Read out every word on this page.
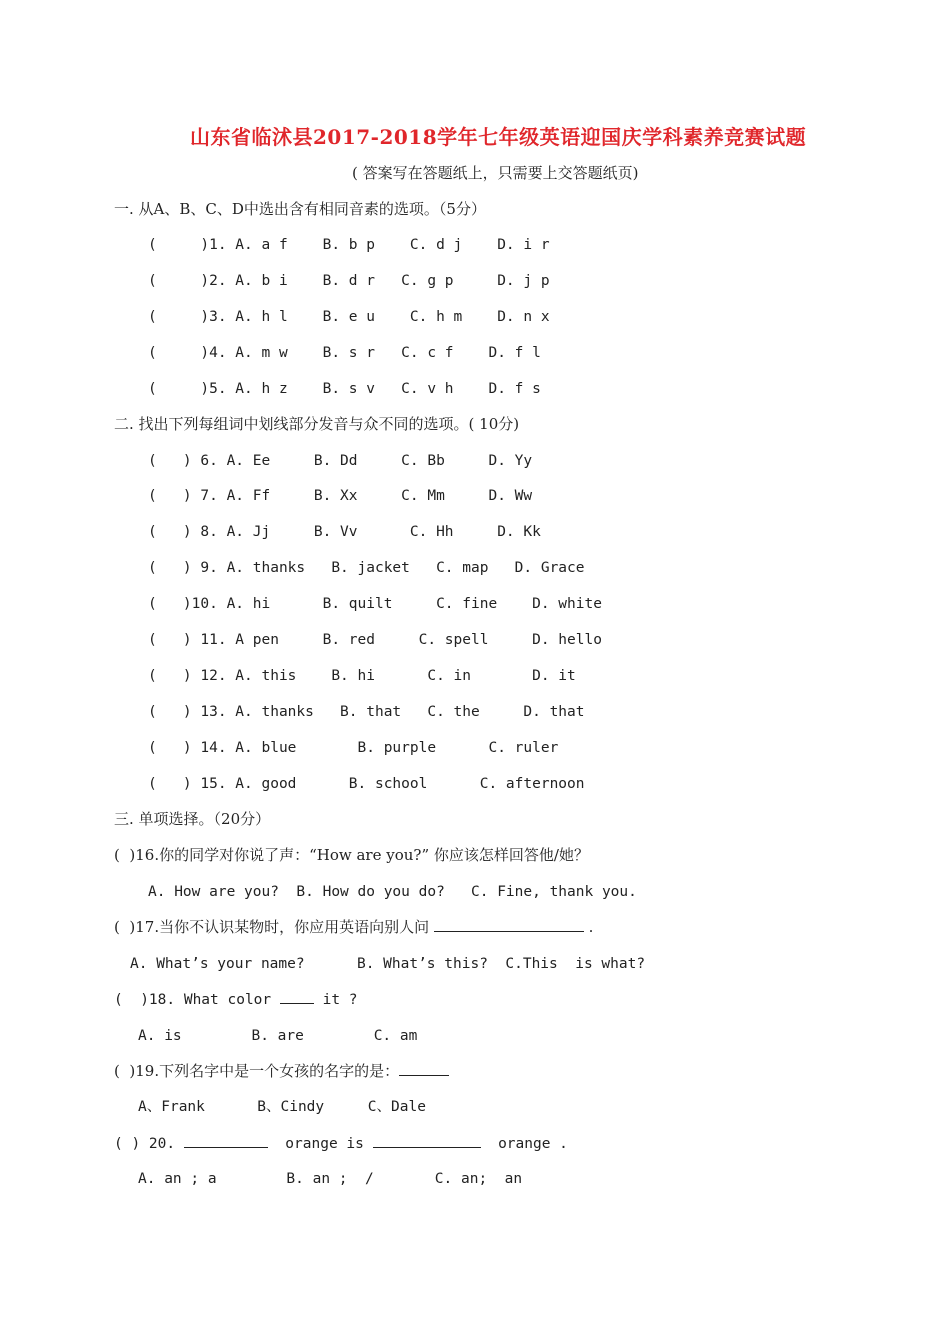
山东省临沭县2017-2018学年七年级英语迎国庆学科素养竞赛试题
( 答案写在答题纸上，只需要上交答题纸页)
一. 从A、B、C、D中选出含有相同音素的选项。（5分）
(     )1. A. a f    B. b p    C. d j    D. i r
(     )2. A. b i    B. d r   C. g p     D. j p
(     )3. A. h l    B. e u    C. h m    D. n x
(     )4. A. m w    B. s r   C. c f    D. f l
(     )5. A. h z    B. s v   C. v h    D. f s
二. 找出下列每组词中划线部分发音与众不同的选项。( 10分)
(   ) 6. A. Ee     B. Dd     C. Bb     D. Yy
(   ) 7. A. Ff     B. Xx     C. Mm     D. Ww
(   ) 8. A. Jj     B. Vv      C. Hh     D. Kk
(   ) 9. A. thanks   B. jacket   C. map   D. Grace
(   )10. A. hi      B. quilt     C. fine    D. white
(   ) 11. A pen     B. red     C. spell     D. hello
(   ) 12. A. this    B. hi      C. in       D. it
(   ) 13. A. thanks   B. that   C. the     D. that
(   ) 14. A. blue       B. purple      C. ruler
(   ) 15. A. good      B. school      C. afternoon
三. 单项选择。（20分）
(  )16.你的同学对你说了声：“How are you?” 你应该怎样回答他/她？
A. How are you?  B. How do you do?   C. Fine, thank you.
(  )17.当你不认识某物时，你应用英语向别人问	.
A. What’s your name?      B. What’s this?  C.This  is what?
(  )18. What color  it ?
A. is        B. are        C. am
(  )19.下列名字中是一个女孩的名字的是：
A、Frank      B、Cindy     C、Dale
( ) 20.	orange is	orange .
A. an ; a        B. an ;  /       C. an;  an
